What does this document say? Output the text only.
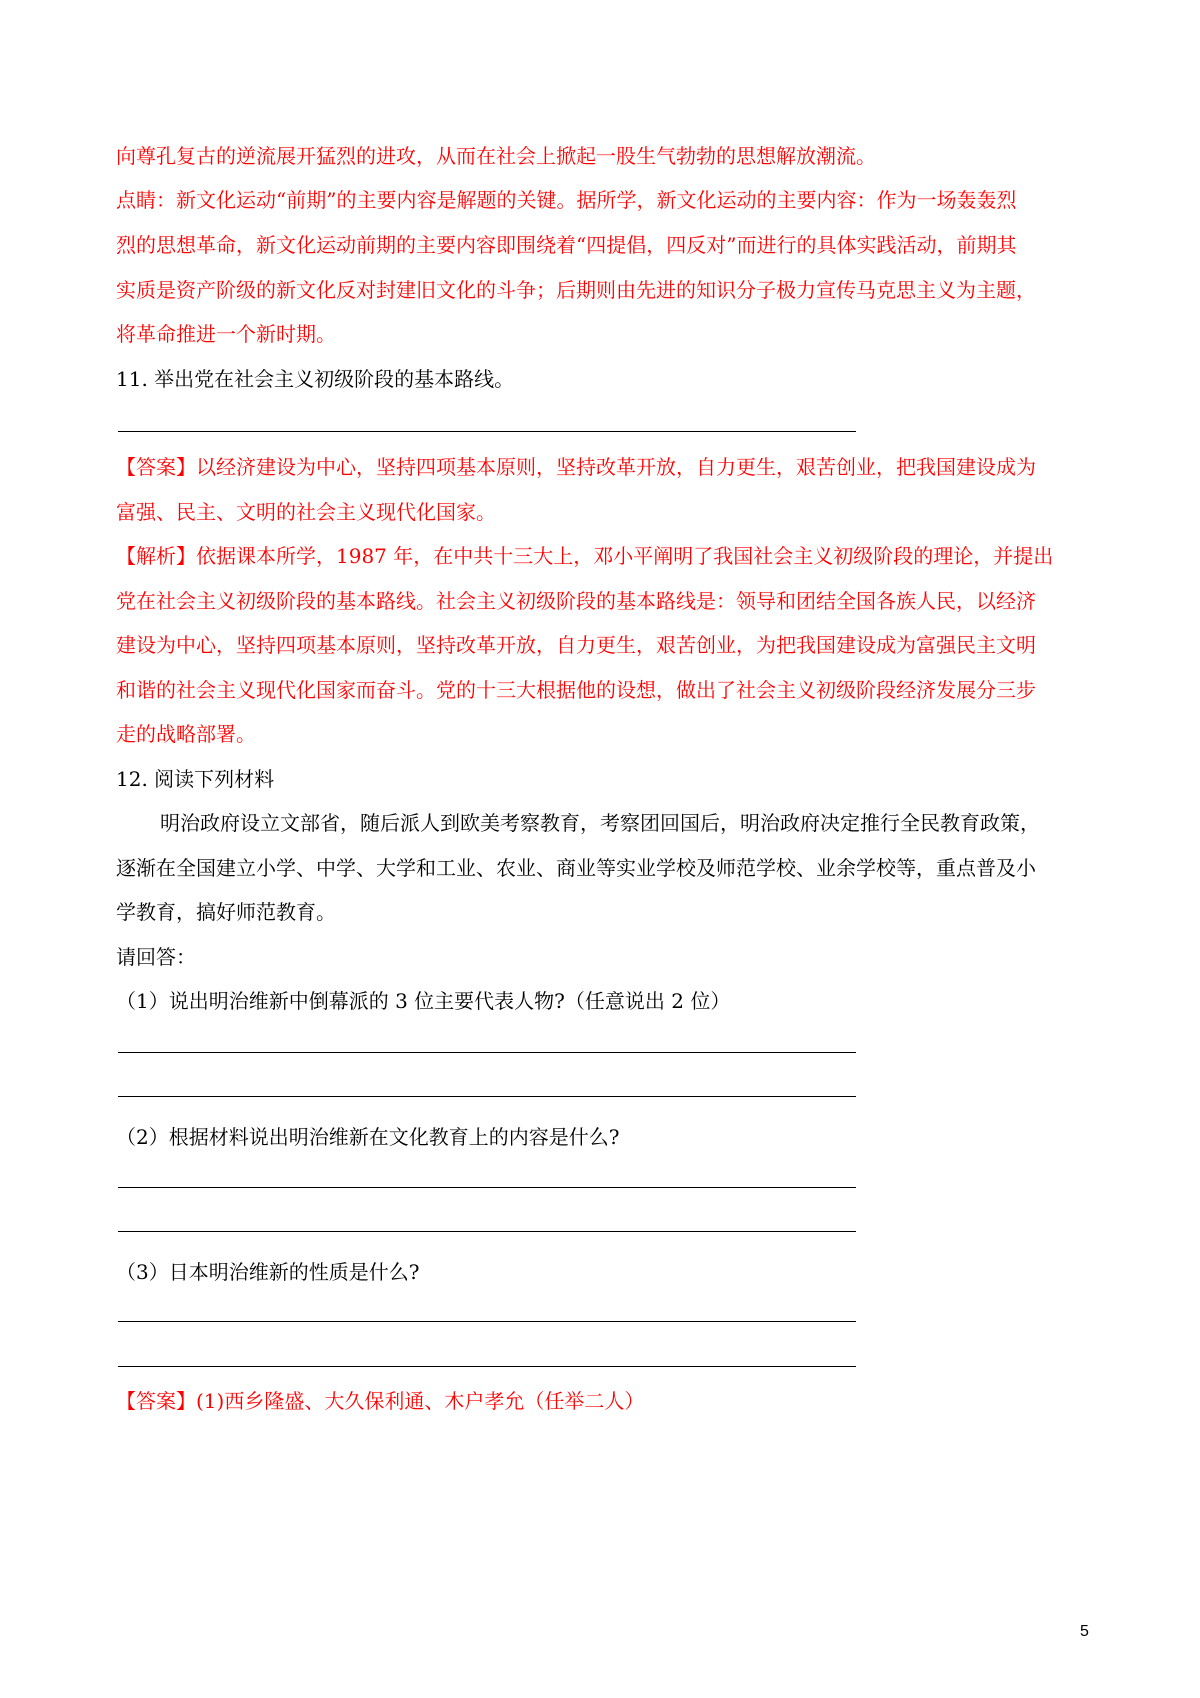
向尊孔复古的逆流展开猛烈的进攻，从而在社会上掀起一股生气勃勃的思想解放潮流。
点睛：新文化运动“前期”的主要内容是解题的关键。据所学，新文化运动的主要内容：作为一场轰轰烈
烈的思想革命，新文化运动前期的主要内容即围绕着“四提倡，四反对”而进行的具体实践活动，前期其
实质是资产阶级的新文化反对封建旧文化的斗争；后期则由先进的知识分子极力宣传马克思主义为主题，
将革命推进一个新时期。
11. 举出党在社会主义初级阶段的基本路线。
【答案】以经济建设为中心，坚持四项基本原则，坚持改革开放，自力更生，艰苦创业，把我国建设成为
富强、民主、文明的社会主义现代化国家。
【解析】依据课本所学，1987 年，在中共十三大上，邓小平阐明了我国社会主义初级阶段的理论，并提出
党在社会主义初级阶段的基本路线。社会主义初级阶段的基本路线是：领导和团结全国各族人民，以经济
建设为中心，坚持四项基本原则，坚持改革开放，自力更生，艰苦创业，为把我国建设成为富强民主文明
和谐的社会主义现代化国家而奋斗。党的十三大根据他的设想，做出了社会主义初级阶段经济发展分三步
走的战略部署。
12. 阅读下列材料
明治政府设立文部省，随后派人到欧美考察教育，考察团回国后，明治政府决定推行全民教育政策，
逐渐在全国建立小学、中学、大学和工业、农业、商业等实业学校及师范学校、业余学校等，重点普及小
学教育，搞好师范教育。
请回答：
（1）说出明治维新中倒幕派的 3 位主要代表人物?（任意说出 2 位）
（2）根据材料说出明治维新在文化教育上的内容是什么?
（3）日本明治维新的性质是什么?
【答案】(1)西乡隆盛、大久保利通、木户孝允（任举二人）
5
